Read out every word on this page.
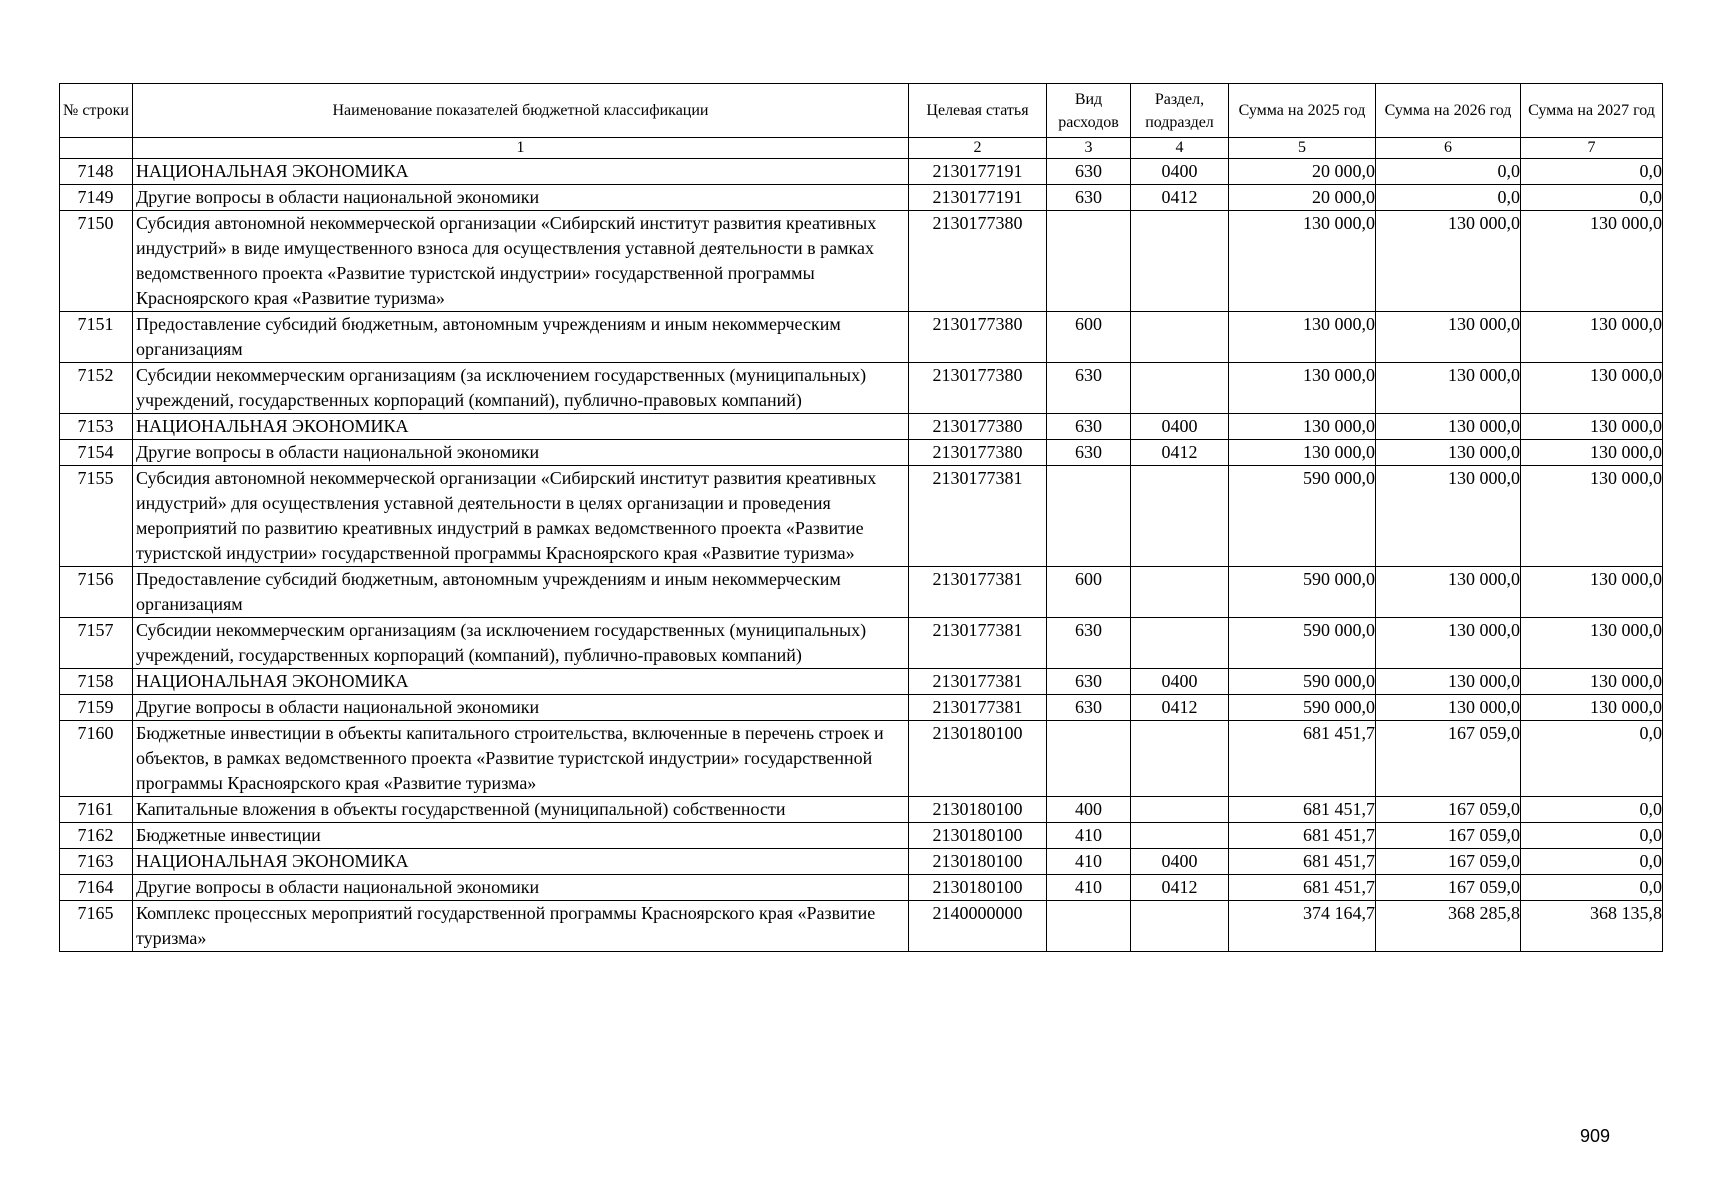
№ строки	Наименование показателей бюджетной классификации	Целевая статья	Вид расходов	Раздел, подраздел	Сумма на 2025 год	Сумма на 2026 год	Сумма на 2027 год
	1	2	3	4	5	6	7
7148	НАЦИОНАЛЬНАЯ ЭКОНОМИКА	2130177191	630	0400	20 000,0	0,0	0,0
7149	Другие вопросы в области национальной экономики	2130177191	630	0412	20 000,0	0,0	0,0
7150	Субсидия автономной некоммерческой организации «Сибирский институт развития креативных индустрий» в виде имущественного взноса для осуществления уставной деятельности в рамках ведомственного проекта «Развитие туристской индустрии» государственной программы Красноярского края «Развитие туризма»	2130177380			130 000,0	130 000,0	130 000,0
7151	Предоставление субсидий бюджетным, автономным учреждениям и иным некоммерческим организациям	2130177380	600		130 000,0	130 000,0	130 000,0
7152	Субсидии некоммерческим организациям (за исключением государственных (муниципальных) учреждений, государственных корпораций (компаний), публично-правовых компаний)	2130177380	630		130 000,0	130 000,0	130 000,0
7153	НАЦИОНАЛЬНАЯ ЭКОНОМИКА	2130177380	630	0400	130 000,0	130 000,0	130 000,0
7154	Другие вопросы в области национальной экономики	2130177380	630	0412	130 000,0	130 000,0	130 000,0
7155	Субсидия автономной некоммерческой организации «Сибирский институт развития креативных индустрий» для осуществления уставной деятельности в целях организации и проведения мероприятий по развитию креативных индустрий в рамках ведомственного проекта «Развитие туристской индустрии» государственной программы Красноярского края «Развитие туризма»	2130177381			590 000,0	130 000,0	130 000,0
7156	Предоставление субсидий бюджетным, автономным учреждениям и иным некоммерческим организациям	2130177381	600		590 000,0	130 000,0	130 000,0
7157	Субсидии некоммерческим организациям (за исключением государственных (муниципальных) учреждений, государственных корпораций (компаний), публично-правовых компаний)	2130177381	630		590 000,0	130 000,0	130 000,0
7158	НАЦИОНАЛЬНАЯ ЭКОНОМИКА	2130177381	630	0400	590 000,0	130 000,0	130 000,0
7159	Другие вопросы в области национальной экономики	2130177381	630	0412	590 000,0	130 000,0	130 000,0
7160	Бюджетные инвестиции в объекты капитального строительства, включенные в перечень строек и объектов, в рамках ведомственного проекта «Развитие туристской индустрии» государственной программы Красноярского края «Развитие туризма»	2130180100			681 451,7	167 059,0	0,0
7161	Капитальные вложения в объекты государственной (муниципальной) собственности	2130180100	400		681 451,7	167 059,0	0,0
7162	Бюджетные инвестиции	2130180100	410		681 451,7	167 059,0	0,0
7163	НАЦИОНАЛЬНАЯ ЭКОНОМИКА	2130180100	410	0400	681 451,7	167 059,0	0,0
7164	Другие вопросы в области национальной экономики	2130180100	410	0412	681 451,7	167 059,0	0,0
7165	Комплекс процессных мероприятий государственной программы Красноярского края «Развитие туризма»	2140000000			374 164,7	368 285,8	368 135,8
909
